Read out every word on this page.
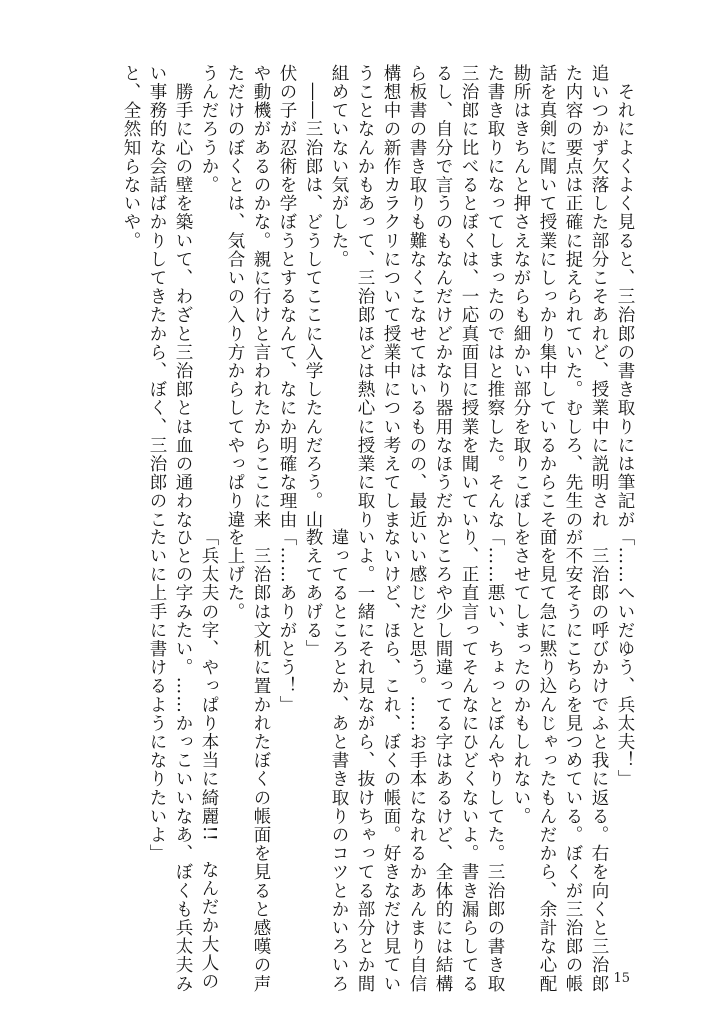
　それによくよく見ると、三治郎の書き取りには筆記が
追いつかず欠落した部分こそあれど、授業中に説明され
た内容の要点は正確に捉えられていた。むしろ、先生の
話を真剣に聞いて授業にしっかり集中しているからこそ、
勘所はきちんと押さえながらも細かい部分を取りこぼし
た書き取りになってしまったのではと推察した。そんな
三治郎に比べるとぼくは、一応真面目に授業を聞いてい
るし、自分で言うのもなんだけどかなり器用なほうだか
ら板書の書き取りも難なくこなせてはいるものの、最近
構想中の新作カラクリについて授業中につい考えてしま
うことなんかもあって、三治郎ほどは熱心に授業に取り
組めていない気がした。
　――三治郎は、どうしてここに入学したんだろう。山
伏の子が忍術を学ぼうとするなんて、なにか明確な理由
や動機があるのかな。親に行けと言われたからここに来
ただけのぼくとは、気合いの入り方からしてやっぱり違
うんだろうか。
　勝手に心の壁を築いて、わざと三治郎とは血の通わな
い事務的な会話ばかりしてきたから、ぼく、三治郎のこ
と、全然知らないや。
「……へいだゆう、兵太夫！」
　三治郎の呼びかけでふと我に返る。右を向くと三治郎
が不安そうにこちらを見つめている。ぼくが三治郎の帳
面を見て急に黙り込んじゃったもんだから、余計な心配
をさせてしまったのかもしれない。
「……悪い、ちょっとぼんやりしてた。三治郎の書き取
り、正直言ってそんなにひどくないよ。書き漏らしてる
ところや少し間違ってる字はあるけど、全体的には結構
いい感じだと思う。……お手本になれるかあんまり自信
ないけど、ほら、これ、ぼくの帳面。好きなだけ見てい
いよ。一緒にそれ見ながら、抜けちゃってる部分とか間
違ってるところとか、あと書き取りのコツとかいろいろ
教えてあげる」
「……ありがとう！」
　三治郎は文机に置かれたぼくの帳面を見ると感嘆の声
を上げた。
「兵太夫の字、やっぱり本当に綺麗!!　なんだか大人の
ひとの字みたい。……かっこいいなあ、ぼくも兵太夫み
たいに上手に書けるようになりたいよ」
15
